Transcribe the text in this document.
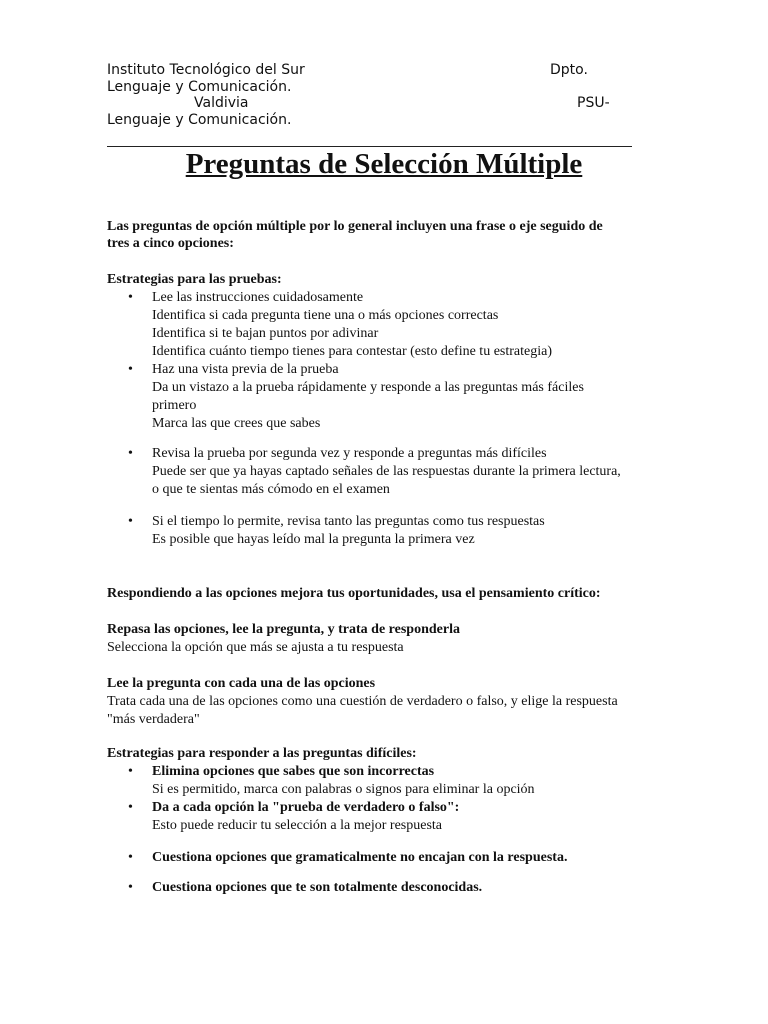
Instituto Tecnológico del Sur	Dpto.
Lenguaje y Comunicación.
Valdivia	PSU-
Lenguaje y Comunicación.
Preguntas de Selección Múltiple
Las preguntas de opción múltiple por lo general incluyen una frase o eje seguido de
tres a cinco opciones:
Estrategias para las pruebas:
• Lee las instrucciones cuidadosamente
Identifica si cada pregunta tiene una o más opciones correctas
Identifica si te bajan puntos por adivinar
Identifica cuánto tiempo tienes para contestar (esto define tu estrategia)
• Haz una vista previa de la prueba
Da un vistazo a la prueba rápidamente y responde a las preguntas más fáciles
primero
Marca las que crees que sabes
• Revisa la prueba por segunda vez y responde a preguntas más difíciles
Puede ser que ya hayas captado señales de las respuestas durante la primera lectura,
o que te sientas más cómodo en el examen
• Si el tiempo lo permite, revisa tanto las preguntas como tus respuestas
Es posible que hayas leído mal la pregunta la primera vez
Respondiendo a las opciones mejora tus oportunidades, usa el pensamiento crítico:
Repasa las opciones, lee la pregunta, y trata de responderla
Selecciona la opción que más se ajusta a tu respuesta
Lee la pregunta con cada una de las opciones
Trata cada una de las opciones como una cuestión de verdadero o falso, y elige la respuesta
"más verdadera"
Estrategias para responder a las preguntas difíciles:
• Elimina opciones que sabes que son incorrectas
Si es permitido, marca con palabras o signos para eliminar la opción
• Da a cada opción la "prueba de verdadero o falso":
Esto puede reducir tu selección a la mejor respuesta
• Cuestiona opciones que gramaticalmente no encajan con la respuesta.
• Cuestiona opciones que te son totalmente desconocidas.
